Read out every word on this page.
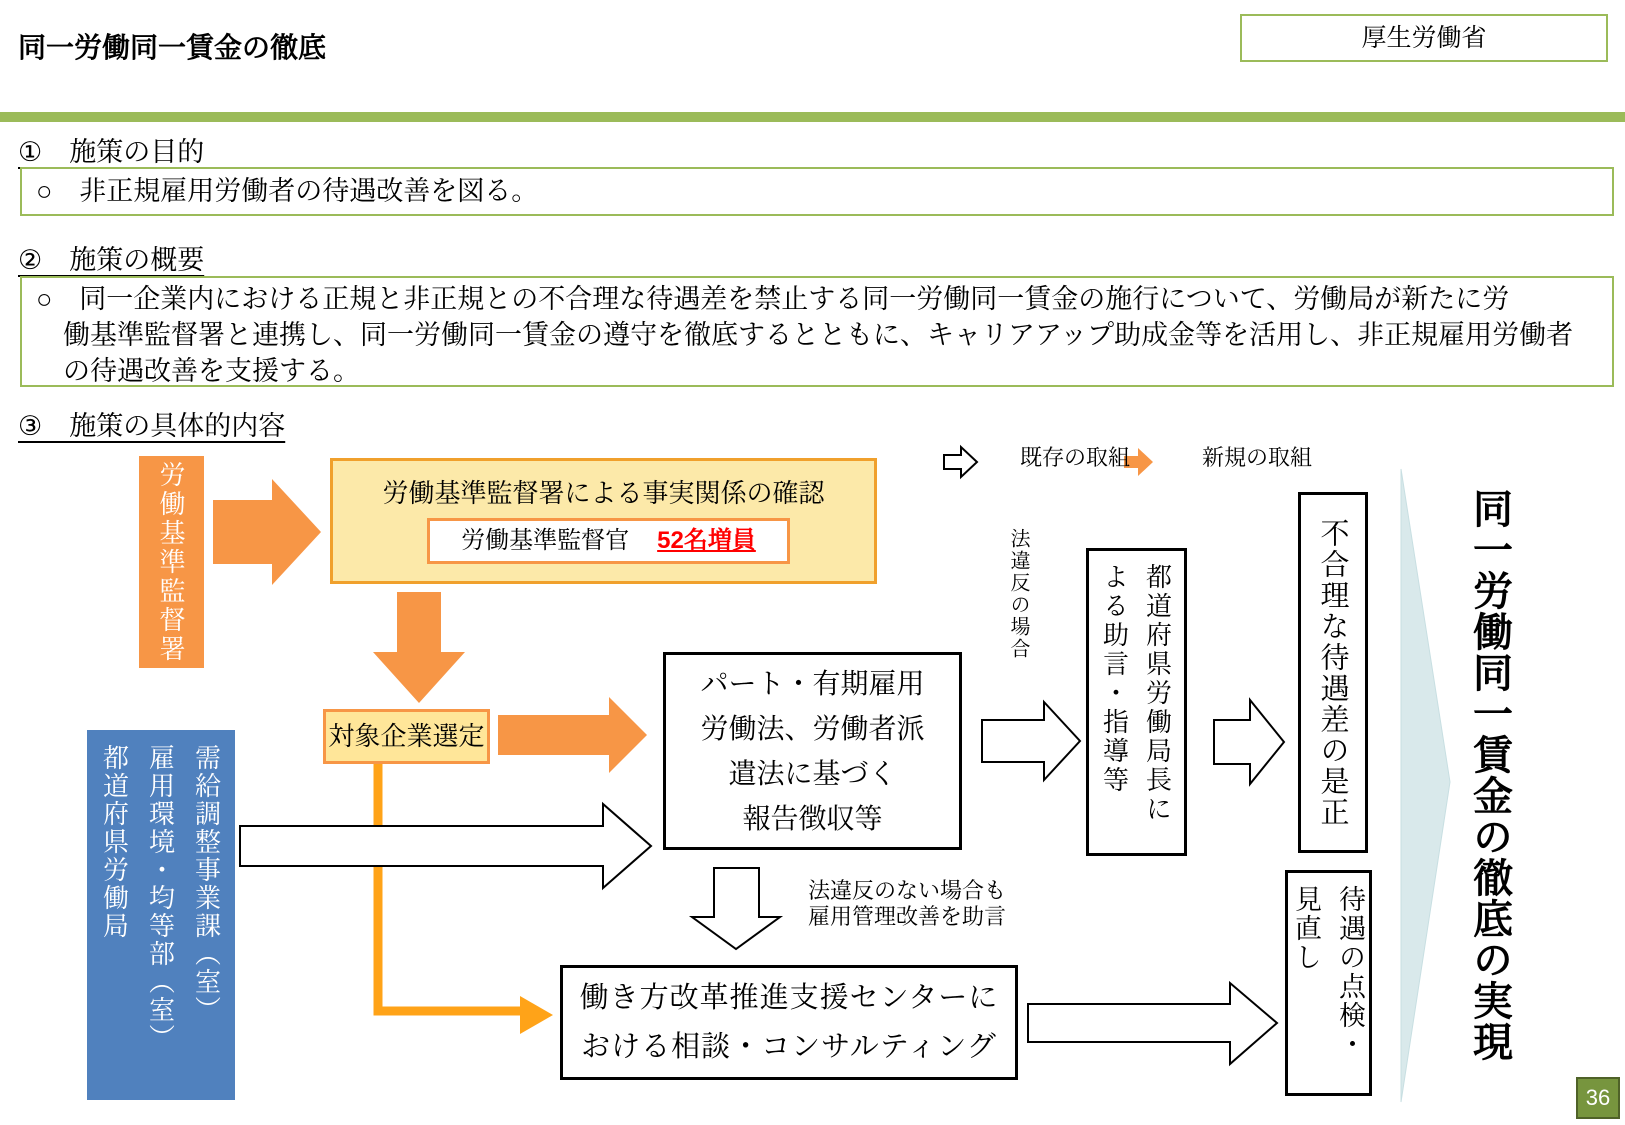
同一労働同一賃金の徹底	厚生労働省
①　施策の目的
○　非正規雇用労働者の待遇改善を図る。
②　施策の概要
○　同一企業内における正規と非正規との不合理な待遇差を禁止する同一労働同一賃金の施行について、労働局が新たに労
　働基準監督署と連携し、同一労働同一賃金の遵守を徹底するとともに、キャリアアップ助成金等を活用し、非正規雇用労働者
　の待遇改善を支援する。
③　施策の具体的内容
既存の取組	新規の取組
労働基準監督署	労働基準監督署による事実関係の確認
労働基準監督官 52名増員
対象企業選定
パート・有期雇用
労働法、労働者派
遣法に基づく
報告徴収等
法違反の場合	都道府県労働局長に
よる助言・指導等	不合理な待遇差の是正
法違反のない場合も
雇用管理改善を助言
働き方改革推進支援センターに
おける相談・コンサルティング	待遇の点検・
見直し
都道府県労働局 雇用環境・均等部（室） 需給調整事業課（室）	同一労働同一賃金の徹底の実現
36
